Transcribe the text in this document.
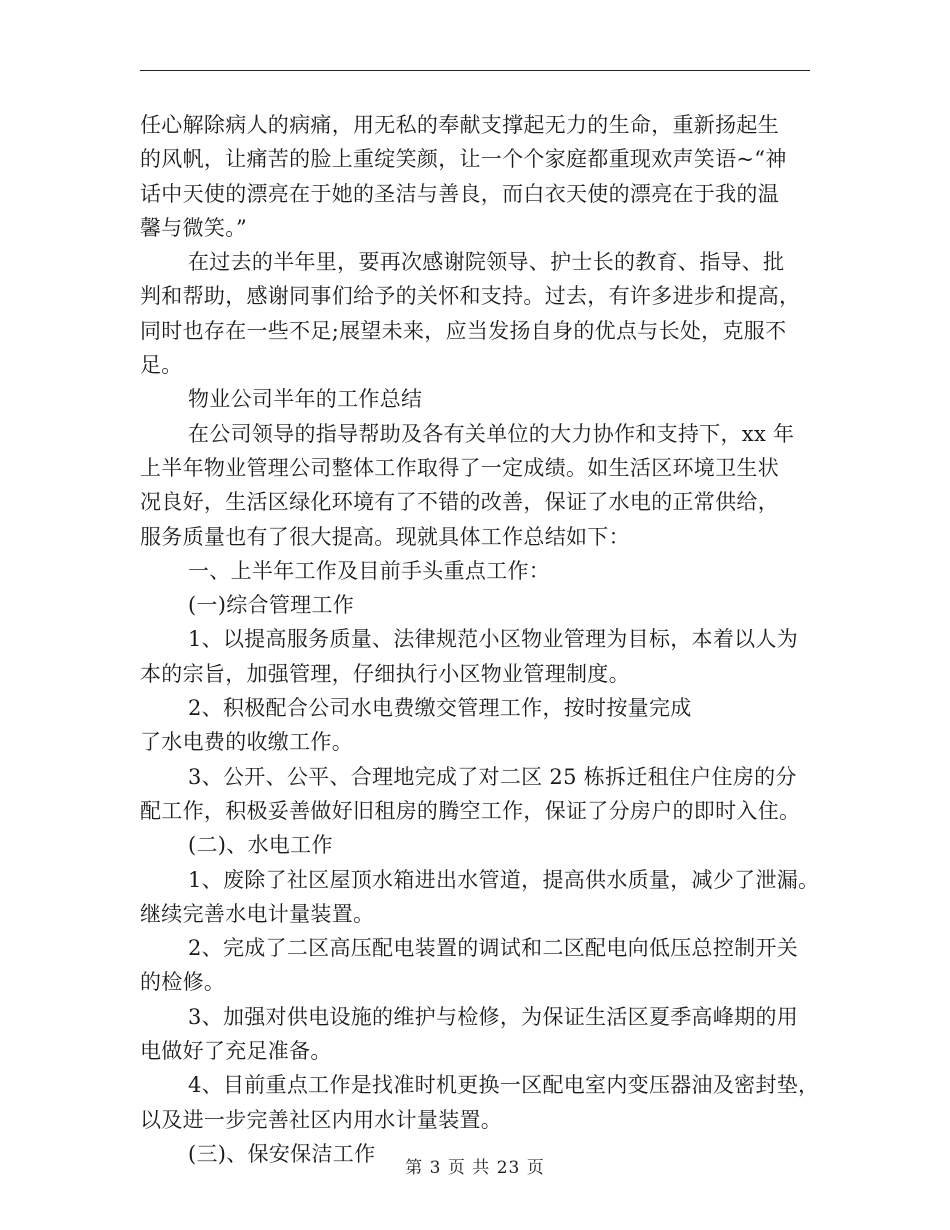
任心解除病人的病痛，用无私的奉献支撑起无力的生命，重新扬起生
的风帆，让痛苦的脸上重绽笑颜，让一个个家庭都重现欢声笑语~“神
话中天使的漂亮在于她的圣洁与善良，而白衣天使的漂亮在于我的温
馨与微笑。”
在过去的半年里，要再次感谢院领导、护士长的教育、指导、批
判和帮助，感谢同事们给予的关怀和支持。过去，有许多进步和提高，
同时也存在一些不足;展望未来，应当发扬自身的优点与长处，克服不
足。
物业公司半年的工作总结
在公司领导的指导帮助及各有关单位的大力协作和支持下，xx 年
上半年物业管理公司整体工作取得了一定成绩。如生活区环境卫生状
况良好，生活区绿化环境有了不错的改善，保证了水电的正常供给，
服务质量也有了很大提高。现就具体工作总结如下：
一、上半年工作及目前手头重点工作：
(一)综合管理工作
1、以提高服务质量、法律规范小区物业管理为目标，本着以人为
本的宗旨，加强管理，仔细执行小区物业管理制度。
2、积极配合公司水电费缴交管理工作，按时按量完成
了水电费的收缴工作。
3、公开、公平、合理地完成了对二区 25 栋拆迁租住户住房的分
配工作，积极妥善做好旧租房的腾空工作，保证了分房户的即时入住。
(二)、水电工作
1、废除了社区屋顶水箱进出水管道，提高供水质量，减少了泄漏。
继续完善水电计量装置。
2、完成了二区高压配电装置的调试和二区配电向低压总控制开关
的检修。
3、加强对供电设施的维护与检修，为保证生活区夏季高峰期的用
电做好了充足准备。
4、目前重点工作是找准时机更换一区配电室内变压器油及密封垫，
以及进一步完善社区内用水计量装置。
(三)、保安保洁工作
第 3 页 共 23 页
